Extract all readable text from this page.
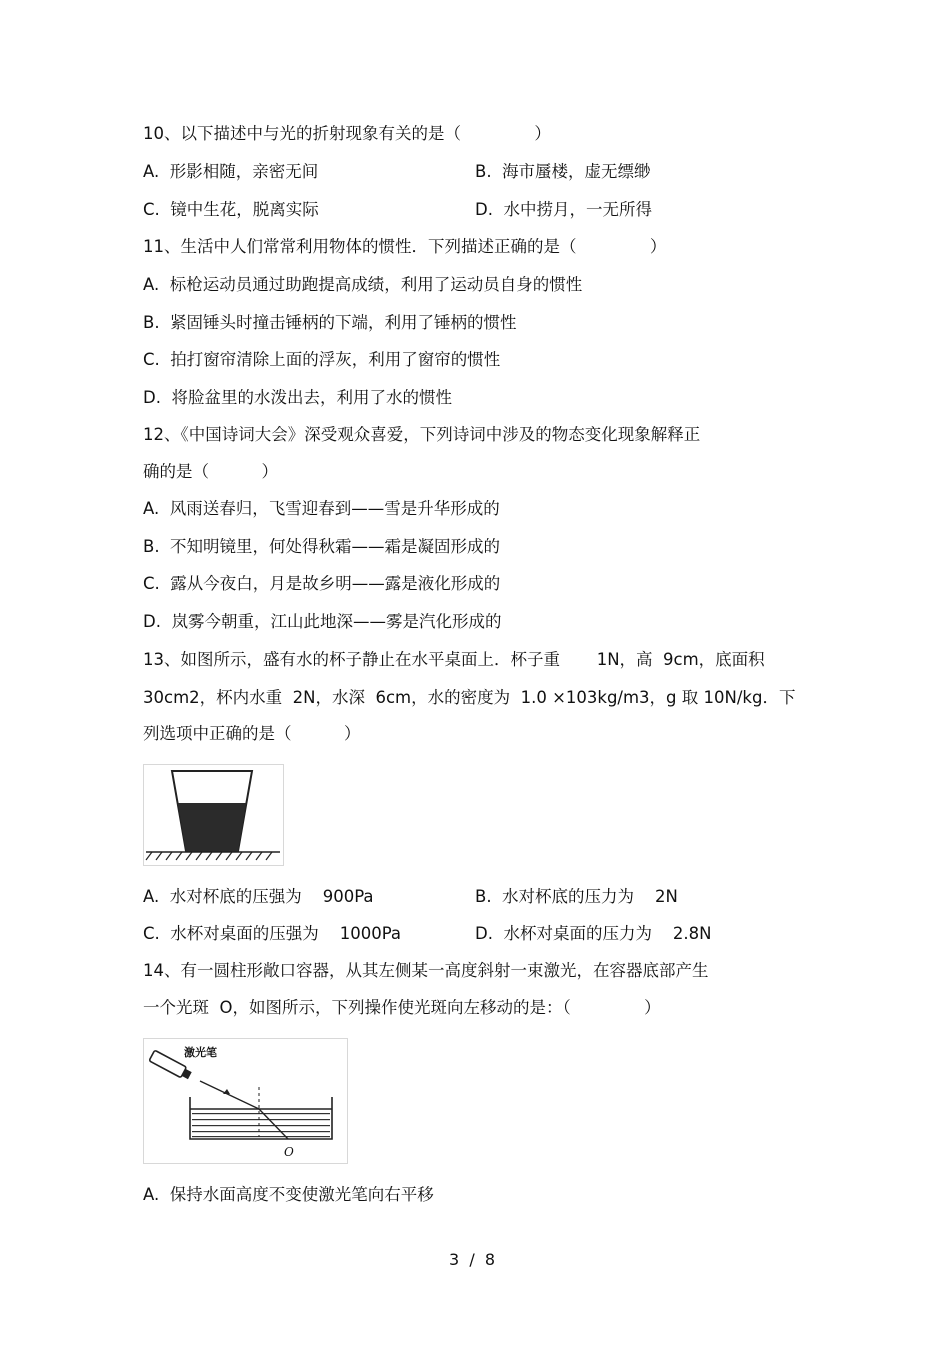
10、以下描述中与光的折射现象有关的是（              ）
A.  形影相随，亲密无间	B.  海市蜃楼，虚无缥缈
C.  镜中生花，脱离实际	D.  水中捞月，一无所得
11、生活中人们常常利用物体的惯性．下列描述正确的是（              ）
A.  标枪运动员通过助跑提高成绩，利用了运动员自身的惯性
B.  紧固锤头时撞击锤柄的下端，利用了锤柄的惯性
C.  拍打窗帘清除上面的浮灰，利用了窗帘的惯性
D.  将脸盆里的水泼出去，利用了水的惯性
12、《中国诗词大会》深受观众喜爱，下列诗词中涉及的物态变化现象解释正
确的是（          ）
A.  风雨送春归，飞雪迎春到——雪是升华形成的
B.  不知明镜里，何处得秋霜——霜是凝固形成的
C.  露从今夜白，月是故乡明——露是液化形成的
D.  岚雾今朝重，江山此地深——雾是汽化形成的
13、如图所示，盛有水的杯子静止在水平桌面上．杯子重       1N，高  9cm，底面积
30cm2，杯内水重  2N，水深  6cm，水的密度为  1.0 ×103kg/m3，g 取 10N/kg．下
列选项中正确的是（          ）
A.  水对杯底的压强为    900Pa	B.  水对杯底的压力为    2N
C.  水杯对桌面的压强为    1000Pa	D.  水杯对桌面的压力为    2.8N
14、有一圆柱形敞口容器，从其左侧某一高度斜射一束激光，在容器底部产生
一个光斑  O，如图所示，下列操作使光斑向左移动的是：（              ）
激光笔
O
A.  保持水面高度不变使激光笔向右平移
3  /  8
